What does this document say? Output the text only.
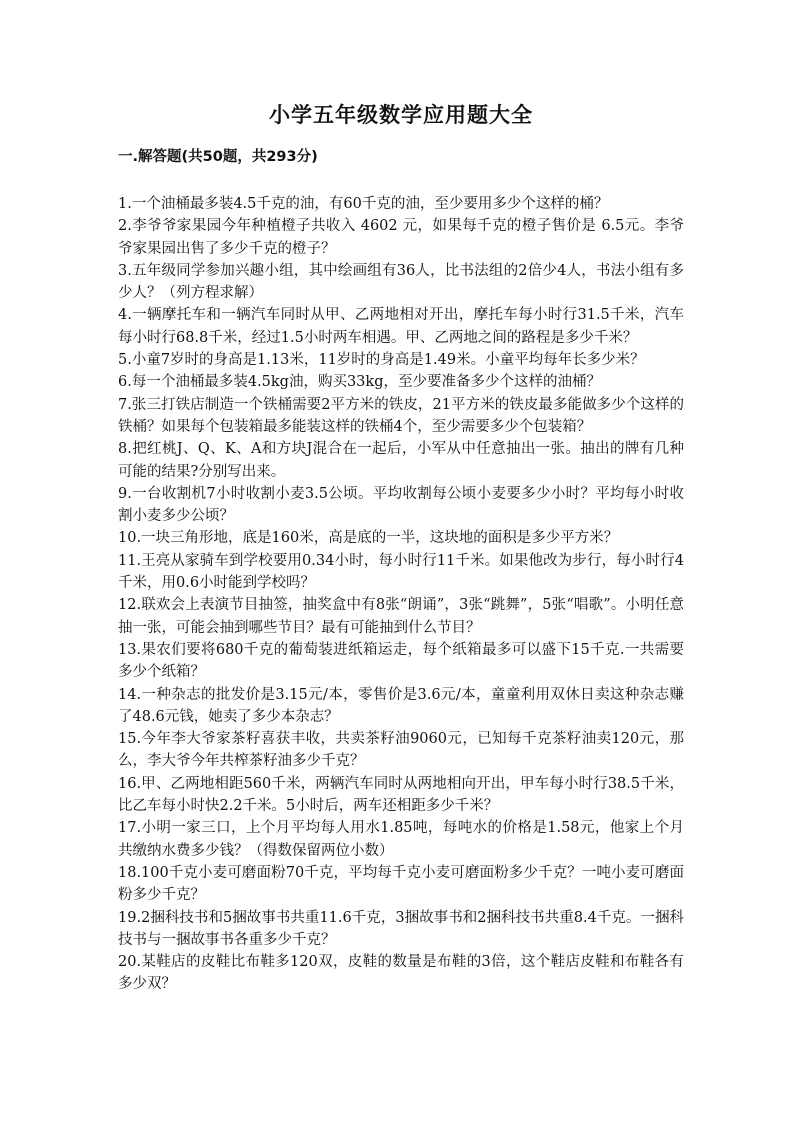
小学五年级数学应用题大全
一.解答题(共50题，共293分)

1.一个油桶最多装4.5千克的油，有60千克的油，至少要用多少个这样的桶？

2.李爷爷家果园今年种植橙子共收入 4602 元，如果每千克的橙子售价是 6.5元。李爷爷家果园出售了多少千克的橙子？

3.五年级同学参加兴趣小组，其中绘画组有36人，比书法组的2倍少4人，书法小组有多少人？（列方程求解）

4.一辆摩托车和一辆汽车同时从甲、乙两地相对开出，摩托车每小时行31.5千米，汽车每小时行68.8千米，经过1.5小时两车相遇。甲、乙两地之间的路程是多少千米？

5.小童7岁时的身高是1.13米，11岁时的身高是1.49米。小童平均每年长多少米？

6.每一个油桶最多装4.5kg油，购买33kg，至少要准备多少个这样的油桶？

7.张三打铁店制造一个铁桶需要2平方米的铁皮，21平方米的铁皮最多能做多少个这样的铁桶？如果每个包装箱最多能装这样的铁桶4个，至少需要多少个包装箱？

8.把红桃J、Q、K、A和方块J混合在一起后，小军从中任意抽出一张。抽出的牌有几种可能的结果?分别写出来。

9.一台收割机7小时收割小麦3.5公顷。平均收割每公顷小麦要多少小时？平均每小时收割小麦多少公顷？

10.一块三角形地，底是160米，高是底的一半，这块地的面积是多少平方米？

11.王亮从家骑车到学校要用0.34小时，每小时行11千米。如果他改为步行，每小时行4千米，用0.6小时能到学校吗？

12.联欢会上表演节目抽签，抽奖盒中有8张“朗诵”，3张“跳舞”，5张“唱歌”。小明任意抽一张，可能会抽到哪些节目？最有可能抽到什么节目？

13.果农们要将680千克的葡萄装进纸箱运走，每个纸箱最多可以盛下15千克.一共需要多少个纸箱？

14.一种杂志的批发价是3.15元/本，零售价是3.6元/本，童童利用双休日卖这种杂志赚了48.6元钱，她卖了多少本杂志？

15.今年李大爷家茶籽喜获丰收，共卖茶籽油9060元，已知每千克茶籽油卖120元，那么，李大爷今年共榨茶籽油多少千克？

16.甲、乙两地相距560千米，两辆汽车同时从两地相向开出，甲车每小时行38.5千米，比乙车每小时快2.2千米。5小时后，两车还相距多少千米？

17.小明一家三口，上个月平均每人用水1.85吨，每吨水的价格是1.58元，他家上个月共缴纳水费多少钱？（得数保留两位小数）

18.100千克小麦可磨面粉70千克，平均每千克小麦可磨面粉多少千克？一吨小麦可磨面粉多少千克？

19.2捆科技书和5捆故事书共重11.6千克，3捆故事书和2捆科技书共重8.4千克。一捆科技书与一捆故事书各重多少千克？

20.某鞋店的皮鞋比布鞋多120双，皮鞋的数量是布鞋的3倍，这个鞋店皮鞋和布鞋各有多少双？
